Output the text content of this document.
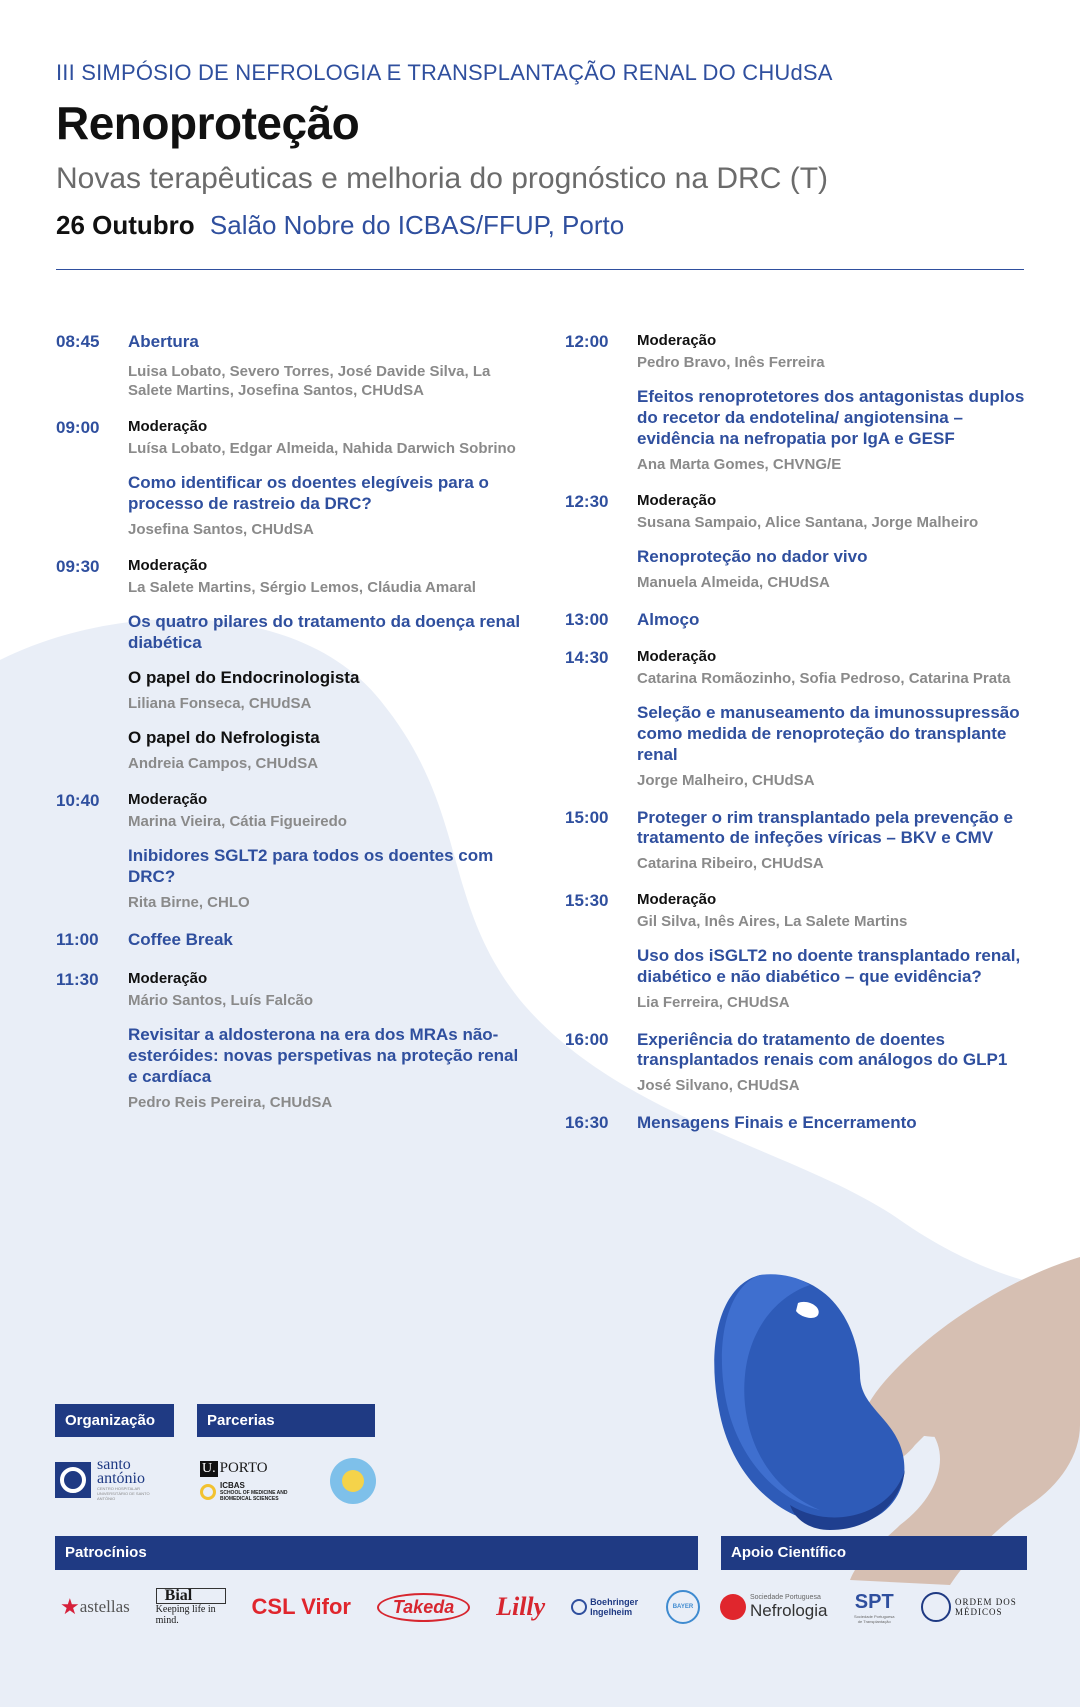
III SIMPÓSIO DE NEFROLOGIA E TRANSPLANTAÇÃO RENAL DO CHUdSA

Renoproteção

Novas terapêuticas e melhoria do prognóstico na DRC (T)

26 Outubro Salão Nobre do ICBAS/FFUP, Porto
08:45 Abertura
Luisa Lobato, Severo Torres, José Davide Silva, La Salete Martins, Josefina Santos, CHUdSA
09:00 Moderação
Luísa Lobato, Edgar Almeida, Nahida Darwich Sobrino
Como identificar os doentes elegíveis para o processo de rastreio da DRC?
Josefina Santos, CHUdSA
09:30 Moderação
La Salete Martins, Sérgio Lemos, Cláudia Amaral
Os quatro pilares do tratamento da doença renal diabética
O papel do Endocrinologista
Liliana Fonseca, CHUdSA
O papel do Nefrologista
Andreia Campos, CHUdSA
10:40 Moderação
Marina Vieira, Cátia Figueiredo
Inibidores SGLT2 para todos os doentes com DRC?
Rita Birne, CHLO
11:00 Coffee Break
11:30 Moderação
Mário Santos, Luís Falcão
Revisitar a aldosterona na era dos MRAs não-esteróides: novas perspetivas na proteção renal e cardíaca
Pedro Reis Pereira, CHUdSA
12:00 Moderação
Pedro Bravo, Inês Ferreira
Efeitos renoprotetores dos antagonistas duplos do recetor da endotelina/ angiotensina – evidência na nefropatia por IgA e GESF
Ana Marta Gomes, CHVNG/E
12:30 Moderação
Susana Sampaio, Alice Santana, Jorge Malheiro
Renoproteção no dador vivo
Manuela Almeida, CHUdSA
13:00 Almoço
14:30 Moderação
Catarina Romãozinho, Sofia Pedroso, Catarina Prata
Seleção e manuseamento da imunossupressão como medida de renoproteção do transplante renal
Jorge Malheiro, CHUdSA
15:00 Proteger o rim transplantado pela prevenção e tratamento de infeções víricas – BKV e CMV
Catarina Ribeiro, CHUdSA
15:30 Moderação
Gil Silva, Inês Aires, La Salete Martins
Uso dos iSGLT2 no doente transplantado renal, diabético e não diabético – que evidência?
Lia Ferreira, CHUdSA
16:00 Experiência do tratamento de doentes transplantados renais com análogos do GLP1
José Silvano, CHUdSA
16:30 Mensagens Finais e Encerramento
Organização	Parcerias
santo antónio
CENTRO HOSPITALAR UNIVERSITÁRIO DE SANTO ANTÓNIO
U. PORTO
ICBAS
SCHOOL OF MEDICINE AND BIOMEDICAL SCIENCES
Patrocínios	Apoio Científico
★ astellas
Bial
Keeping life in mind.
CSL Vifor	Takeda	Lilly	Boehringer Ingelheim	BAYER
Sociedade Portuguesa
Nefrologia SPT
Sociedade Portuguesa de Transplantação
ORDEM DOS MÉDICOS
